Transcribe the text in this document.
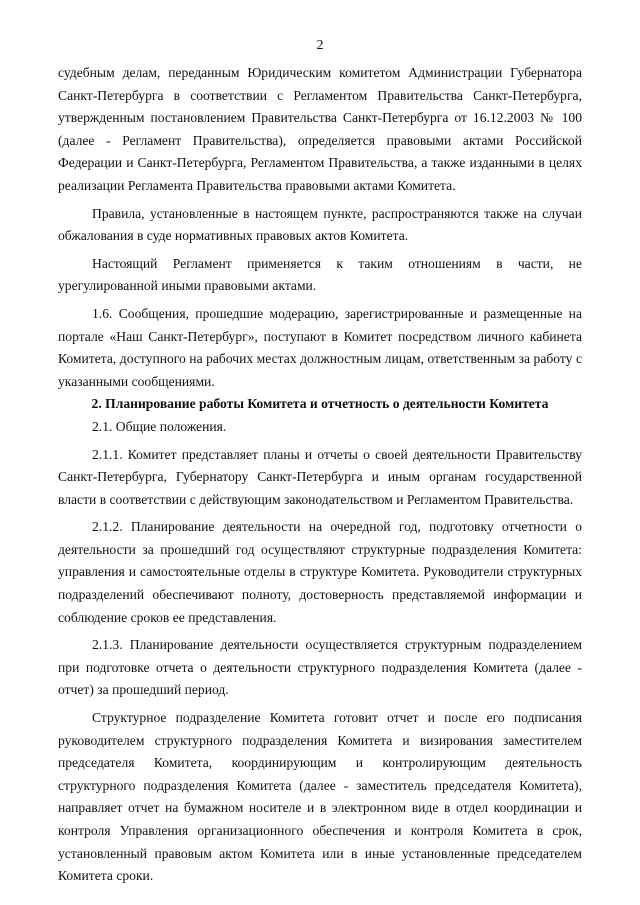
2

судебным делам, переданным Юридическим комитетом Администрации Губернатора Санкт-Петербурга в соответствии с Регламентом Правительства Санкт-Петербурга, утвержденным постановлением Правительства Санкт-Петербурга от 16.12.2003 № 100 (далее - Регламент Правительства), определяется правовыми актами Российской Федерации и Санкт-Петербурга, Регламентом Правительства, а также изданными в целях реализации Регламента Правительства правовыми актами Комитета.

Правила, установленные в настоящем пункте, распространяются также на случаи обжалования в суде нормативных правовых актов Комитета.

Настоящий Регламент применяется к таким отношениям в части, не урегулированной иными правовыми актами.

1.6. Сообщения, прошедшие модерацию, зарегистрированные и размещенные на портале «Наш Санкт-Петербург», поступают в Комитет посредством личного кабинета Комитета, доступного на рабочих местах должностным лицам, ответственным за работу с указанными сообщениями.

2. Планирование работы Комитета и отчетность о деятельности Комитета

2.1. Общие положения.

2.1.1. Комитет представляет планы и отчеты о своей деятельности Правительству Санкт-Петербурга, Губернатору Санкт-Петербурга и иным органам государственной власти в соответствии с действующим законодательством и Регламентом Правительства.

2.1.2. Планирование деятельности на очередной год, подготовку отчетности о деятельности за прошедший год осуществляют структурные подразделения Комитета: управления и самостоятельные отделы в структуре Комитета. Руководители структурных подразделений обеспечивают полноту, достоверность представляемой информации и соблюдение сроков ее представления.

2.1.3. Планирование деятельности осуществляется структурным подразделением при подготовке отчета о деятельности структурного подразделения Комитета (далее - отчет) за прошедший период.

Структурное подразделение Комитета готовит отчет и после его подписания руководителем структурного подразделения Комитета и визирования заместителем председателя Комитета, координирующим и контролирующим деятельность структурного подразделения Комитета (далее - заместитель председателя Комитета), направляет отчет на бумажном носителе и в электронном виде в отдел координации и контроля Управления организационного обеспечения и контроля Комитета в срок, установленный правовым актом Комитета или в иные установленные председателем Комитета сроки.
